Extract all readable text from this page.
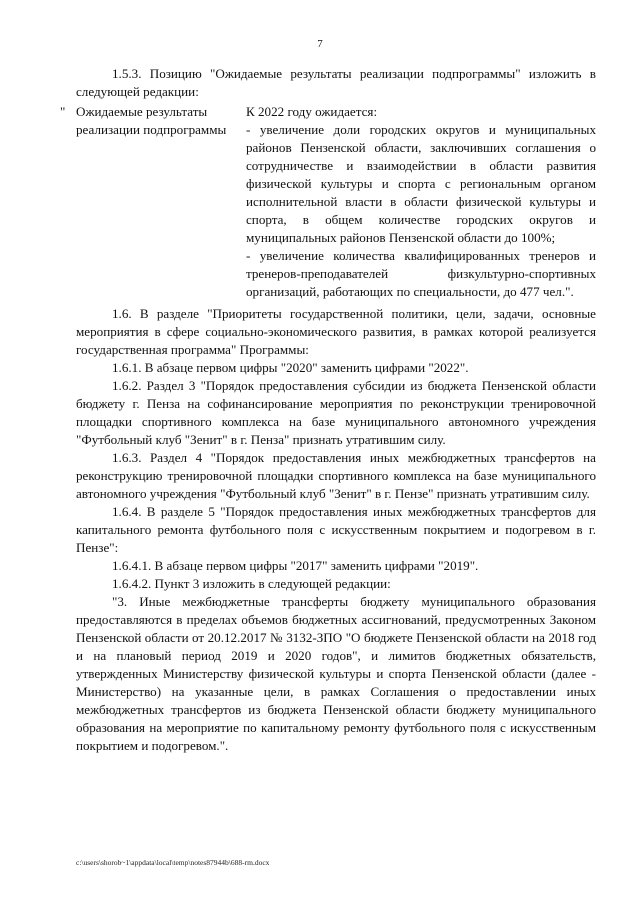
7

1.5.3. Позицию "Ожидаемые результаты реализации подпрограммы" изложить в следующей редакции:

" Ожидаемые результаты реализации подпрограммы

К 2022 году ожидается:

- увеличение доли городских округов и муниципальных районов Пензенской области, заключивших соглашения о сотрудничестве и взаимодействии в области развития физической культуры и спорта с региональным органом исполнительной власти в области физической культуры и спорта, в общем количестве городских округов и муниципальных районов Пензенской области до 100%;

- увеличение количества квалифицированных тренеров и тренеров-преподавателей физкультурно-спортивных организаций, работающих по специальности, до 477 чел.".

1.6. В разделе "Приоритеты государственной политики, цели, задачи, основные мероприятия в сфере социально-экономического развития, в рамках которой реализуется государственная программа" Программы:

1.6.1. В абзаце первом цифры "2020" заменить цифрами "2022".

1.6.2. Раздел 3 "Порядок предоставления субсидии из бюджета Пензенской области бюджету г. Пенза на софинансирование мероприятия по реконструкции тренировочной площадки спортивного комплекса на базе муниципального автономного учреждения "Футбольный клуб "Зенит" в г. Пенза" признать утратившим силу.

1.6.3. Раздел 4 "Порядок предоставления иных межбюджетных трансфертов на реконструкцию тренировочной площадки спортивного комплекса на базе муниципального автономного учреждения "Футбольный клуб "Зенит" в г. Пензе" признать утратившим силу.

1.6.4. В разделе 5 "Порядок предоставления иных межбюджетных трансфертов для капитального ремонта футбольного поля с искусственным покрытием и подогревом в г. Пензе":

1.6.4.1. В абзаце первом цифры "2017" заменить цифрами "2019".

1.6.4.2. Пункт 3 изложить в следующей редакции:

"3. Иные межбюджетные трансферты бюджету муниципального образования предоставляются в пределах объемов бюджетных ассигнований, предусмотренных Законом Пензенской области от 20.12.2017 № 3132-ЗПО "О бюджете Пензенской области на 2018 год и на плановый период 2019 и 2020 годов", и лимитов бюджетных обязательств, утвержденных Министерству физической культуры и спорта Пензенской области (далее - Министерство) на указанные цели, в рамках Соглашения о предоставлении иных межбюджетных трансфертов из бюджета Пензенской области бюджету муниципального образования на мероприятие по капитальному ремонту футбольного поля с искусственным покрытием и подогревом.".

c:\users\shorob~1\appdata\local\temp\notes87944b\688-rm.docx
